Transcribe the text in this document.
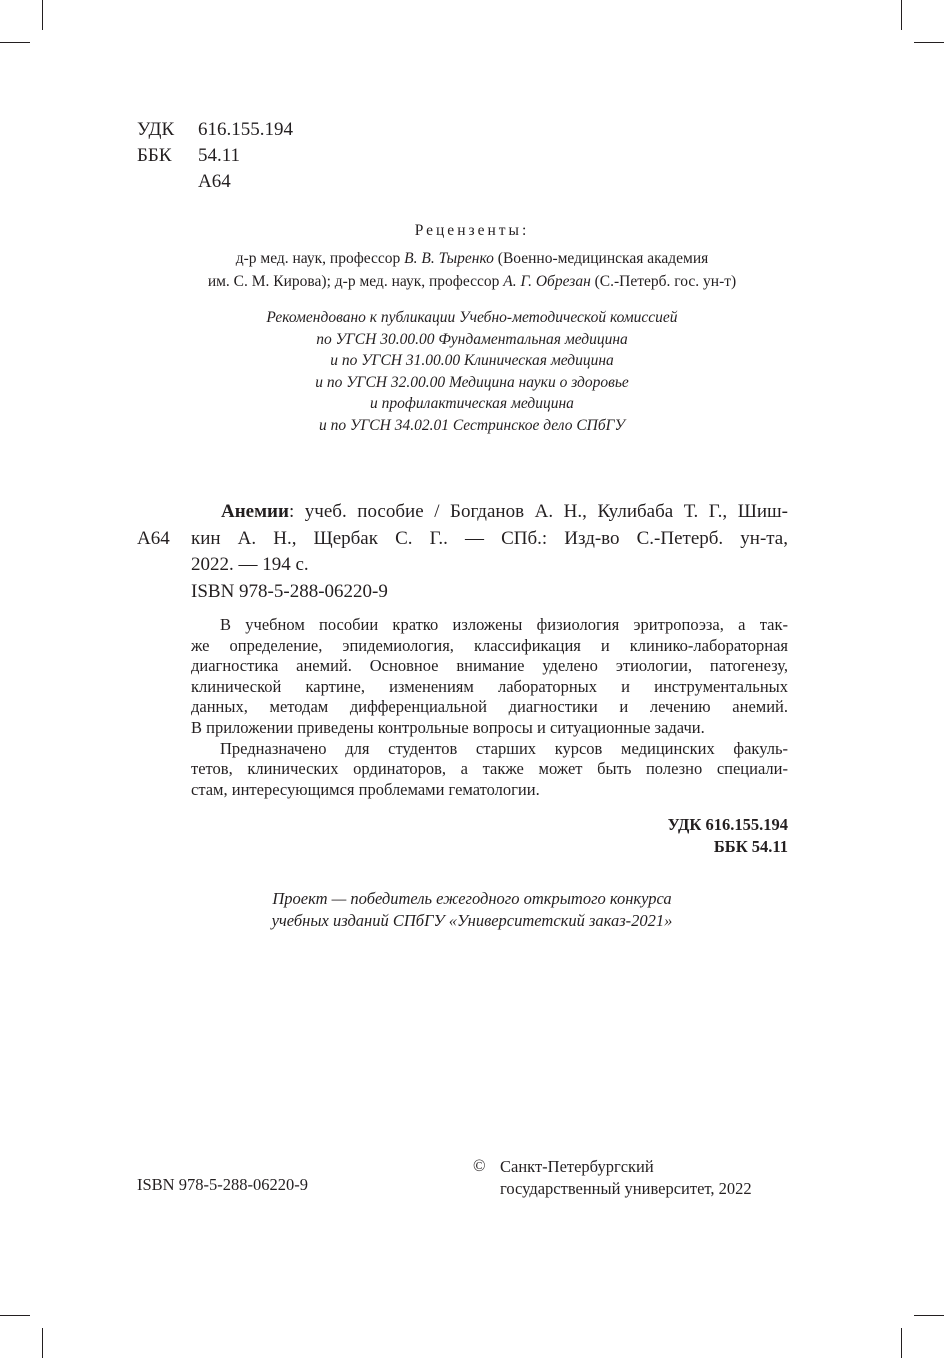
УДК	616.155.194
ББК	54.11
А64
Рецензенты:
д-р мед. наук, профессор В. В. Тыренко (Военно-медицинская академия
им. С. М. Кирова); д-р мед. наук, профессор А. Г. Обрезан (С.-Петерб. гос. ун-т)
Рекомендовано к публикации Учебно-методической комиссией
по УГСН 30.00.00 Фундаментальная медицина
и по УГСН 31.00.00 Клиническая медицина
и по УГСН 32.00.00 Медицина науки о здоровье
и профилактическая медицина
и по УГСН 34.02.01 Сестринское дело СПбГУ
Анемии: учеб. пособие / Богданов А. Н., Кулибаба Т. Г., Шиш-
А64 кин А. Н., Щербак С. Г.. — СПб.: Изд-во С.-Петерб. ун-та,
2022. — 194 с.
ISBN 978-5-288-06220-9
В учебном пособии кратко изложены физиология эритропоэза, а так-
же определение, эпидемиология, классификация и клинико-лабораторная
диагностика анемий. Основное внимание уделено этиологии, патогенезу,
клинической картине, изменениям лабораторных и инструментальных
данных, методам дифференциальной диагностики и лечению анемий.
В приложении приведены контрольные вопросы и ситуационные задачи.
Предназначено для студентов старших курсов медицинских факуль-
тетов, клинических ординаторов, а также может быть полезно специали-
стам, интересующимся проблемами гематологии.
УДК 616.155.194
ББК 54.11
Проект — победитель ежегодного открытого конкурса
учебных изданий СПбГУ «Университетский заказ-2021»
ISBN 978-5-288-06220-9
© Санкт-Петербургский
государственный университет, 2022
